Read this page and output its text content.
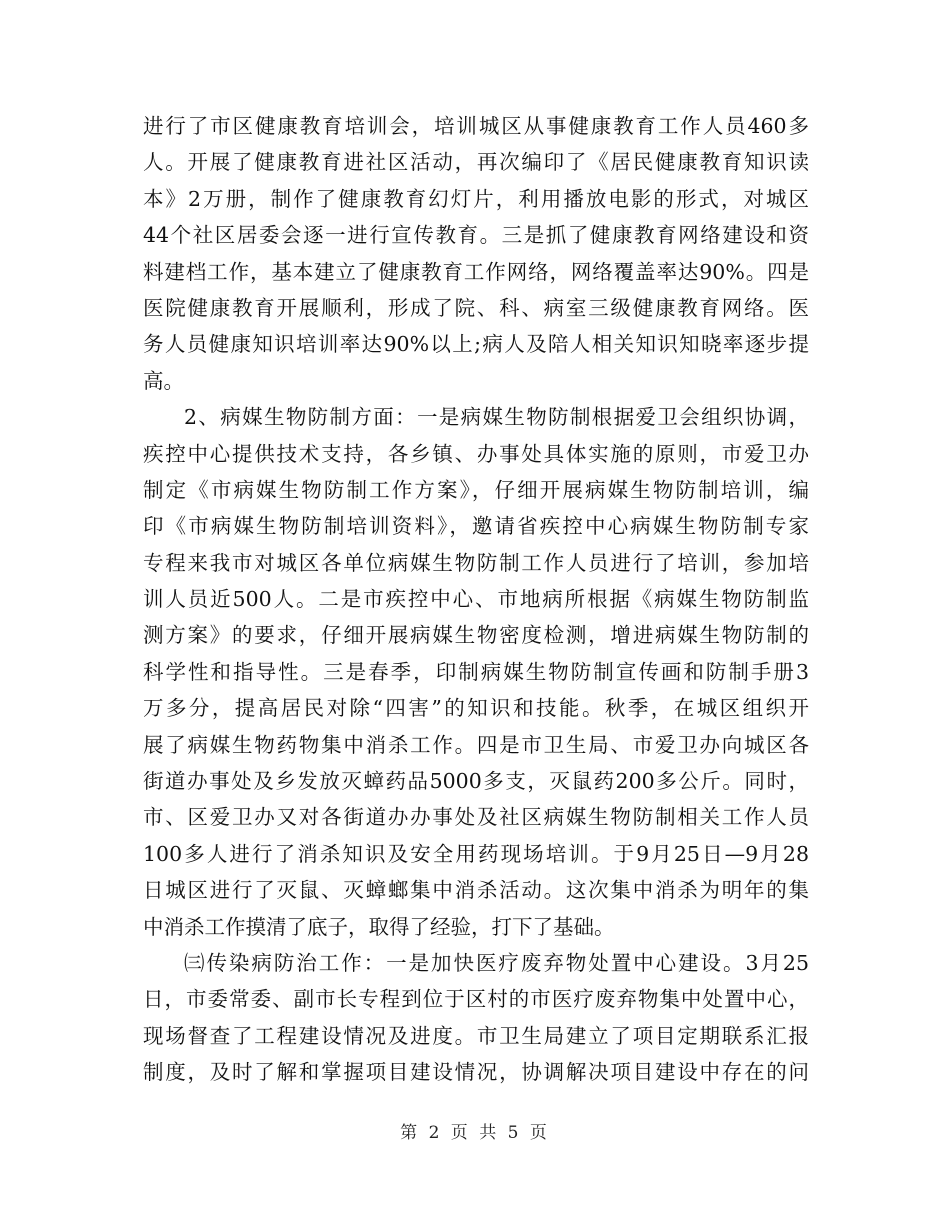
进行了市区健康教育培训会，培训城区从事健康教育工作人员460多
人。开展了健康教育进社区活动，再次编印了《居民健康教育知识读
本》2万册，制作了健康教育幻灯片，利用播放电影的形式，对城区
44个社区居委会逐一进行宣传教育。三是抓了健康教育网络建设和资
料建档工作，基本建立了健康教育工作网络，网络覆盖率达90%。四是
医院健康教育开展顺利，形成了院、科、病室三级健康教育网络。医
务人员健康知识培训率达90%以上;病人及陪人相关知识知晓率逐步提
高。
2、病媒生物防制方面：一是病媒生物防制根据爱卫会组织协调，
疾控中心提供技术支持，各乡镇、办事处具体实施的原则，市爱卫办
制定《市病媒生物防制工作方案》，仔细开展病媒生物防制培训，编
印《市病媒生物防制培训资料》，邀请省疾控中心病媒生物防制专家
专程来我市对城区各单位病媒生物防制工作人员进行了培训，参加培
训人员近500人。二是市疾控中心、市地病所根据《病媒生物防制监
测方案》的要求，仔细开展病媒生物密度检测，增进病媒生物防制的
科学性和指导性。三是春季，印制病媒生物防制宣传画和防制手册3
万多分，提高居民对除“四害”的知识和技能。秋季，在城区组织开
展了病媒生物药物集中消杀工作。四是市卫生局、市爱卫办向城区各
街道办事处及乡发放灭蟑药品5000多支，灭鼠药200多公斤。同时，
市、区爱卫办又对各街道办办事处及社区病媒生物防制相关工作人员
100多人进行了消杀知识及安全用药现场培训。于9月25日—9月28
日城区进行了灭鼠、灭蟑螂集中消杀活动。这次集中消杀为明年的集
中消杀工作摸清了底子，取得了经验，打下了基础。
㈢传染病防治工作：一是加快医疗废弃物处置中心建设。3月25
日，市委常委、副市长专程到位于区村的市医疗废弃物集中处置中心，
现场督查了工程建设情况及进度。市卫生局建立了项目定期联系汇报
制度，及时了解和掌握项目建设情况，协调解决项目建设中存在的问
第 2 页 共 5 页
